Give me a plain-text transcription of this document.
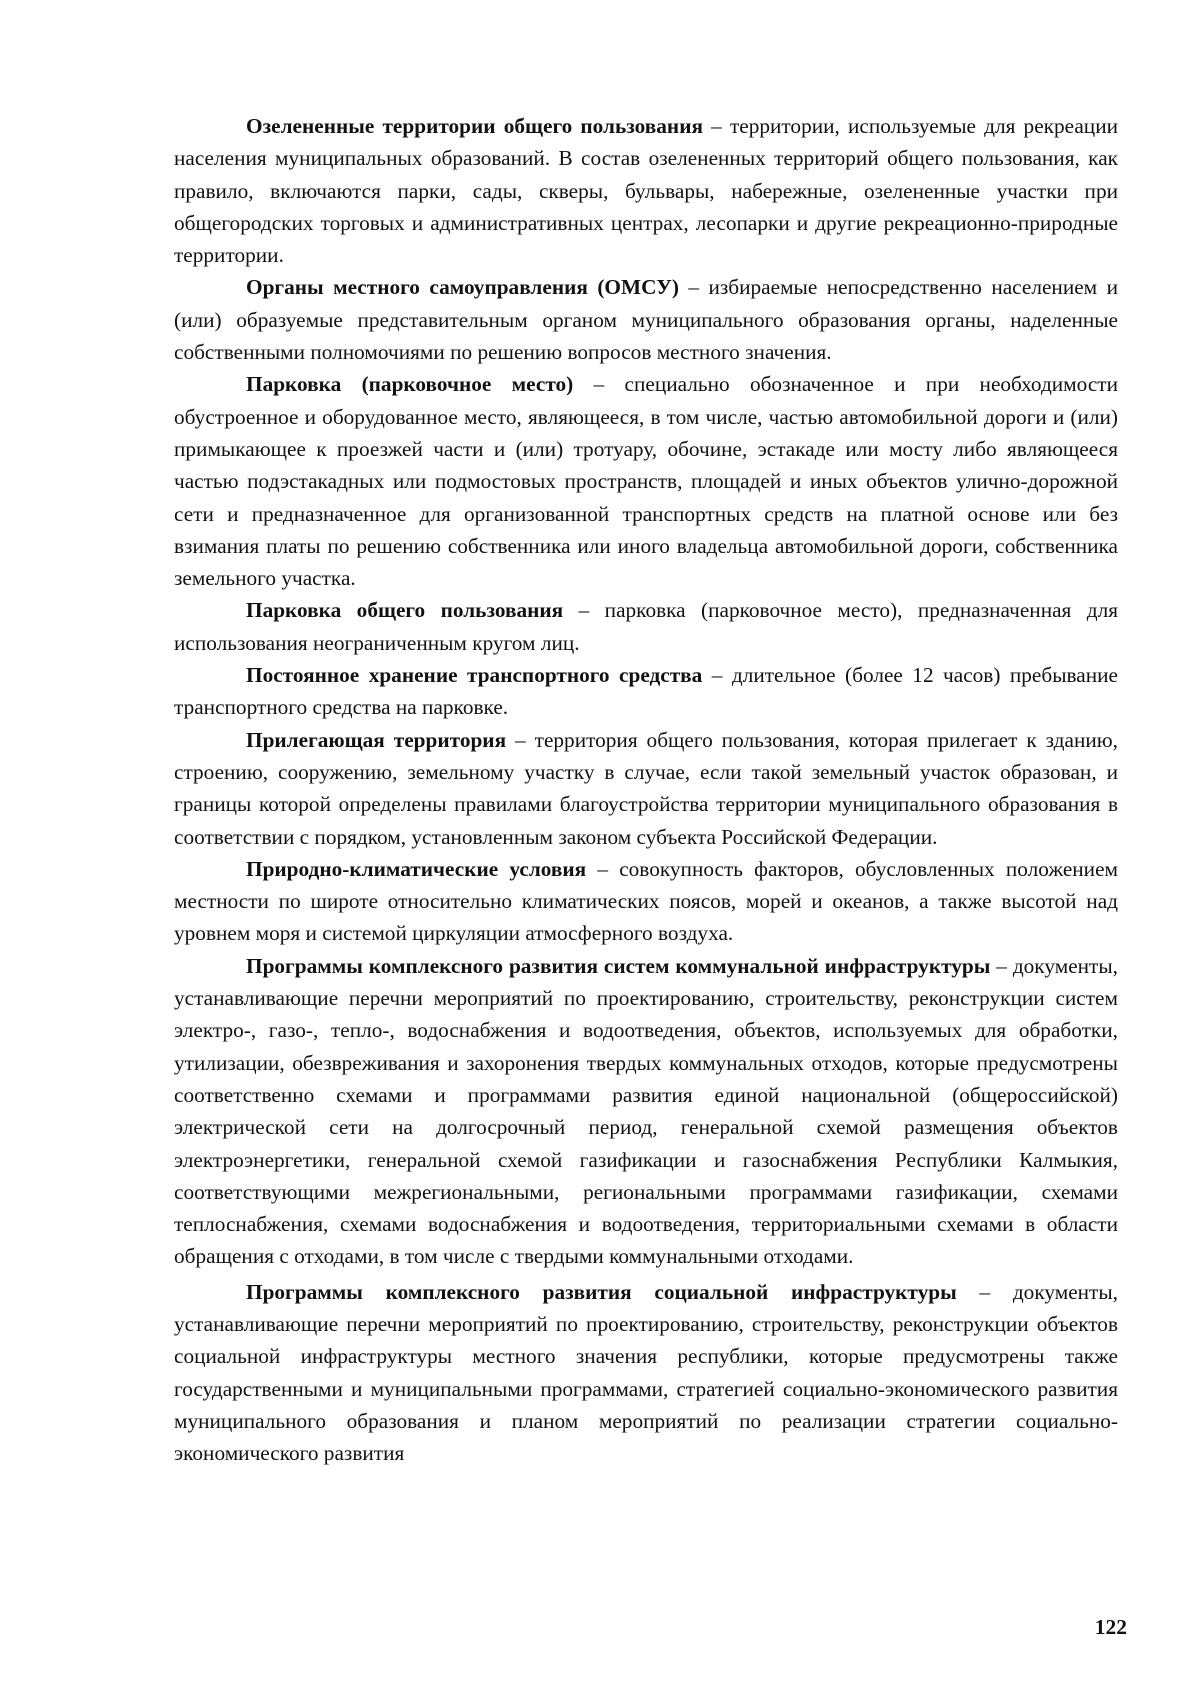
Озелененные территории общего пользования – территории, используемые для рекреации населения муниципальных образований. В состав озелененных территорий общего пользования, как правило, включаются парки, сады, скверы, бульвары, набережные, озелененные участки при общегородских торговых и административных центрах, лесопарки и другие рекреационно-природные территории.

Органы местного самоуправления (ОМСУ) – избираемые непосредственно населением и (или) образуемые представительным органом муниципального образования органы, наделенные собственными полномочиями по решению вопросов местного значения.

Парковка (парковочное место) – специально обозначенное и при необходимости обустроенное и оборудованное место, являющееся, в том числе, частью автомобильной дороги и (или) примыкающее к проезжей части и (или) тротуару, обочине, эстакаде или мосту либо являющееся частью подэстакадных или подмостовых пространств, площадей и иных объектов улично-дорожной сети и предназначенное для организованной транспортных средств на платной основе или без взимания платы по решению собственника или иного владельца автомобильной дороги, собственника земельного участка.

Парковка общего пользования – парковка (парковочное место), предназначенная для использования неограниченным кругом лиц.

Постоянное хранение транспортного средства – длительное (более 12 часов) пребывание транспортного средства на парковке.

Прилегающая территория – территория общего пользования, которая прилегает к зданию, строению, сооружению, земельному участку в случае, если такой земельный участок образован, и границы которой определены правилами благоустройства территории муниципального образования в соответствии с порядком, установленным законом субъекта Российской Федерации.

Природно-климатические условия – совокупность факторов, обусловленных положением местности по широте относительно климатических поясов, морей и океанов, а также высотой над уровнем моря и системой циркуляции атмосферного воздуха.

Программы комплексного развития систем коммунальной инфраструктуры – документы, устанавливающие перечни мероприятий по проектированию, строительству, реконструкции систем электро-, газо-, тепло-, водоснабжения и водоотведения, объектов, используемых для обработки, утилизации, обезвреживания и захоронения твердых коммунальных отходов, которые предусмотрены соответственно схемами и программами развития единой национальной (общероссийской) электрической сети на долгосрочный период, генеральной схемой размещения объектов электроэнергетики, генеральной схемой газификации и газоснабжения Республики Калмыкия, соответствующими межрегиональными, региональными программами газификации, схемами теплоснабжения, схемами водоснабжения и водоотведения, территориальными схемами в области обращения с отходами, в том числе с твердыми коммунальными отходами.

Программы комплексного развития социальной инфраструктуры – документы, устанавливающие перечни мероприятий по проектированию, строительству, реконструкции объектов социальной инфраструктуры местного значения республики, которые предусмотрены также государственными и муниципальными программами, стратегией социально-экономического развития муниципального образования и планом мероприятий по реализации стратегии социально-экономического развития

122
